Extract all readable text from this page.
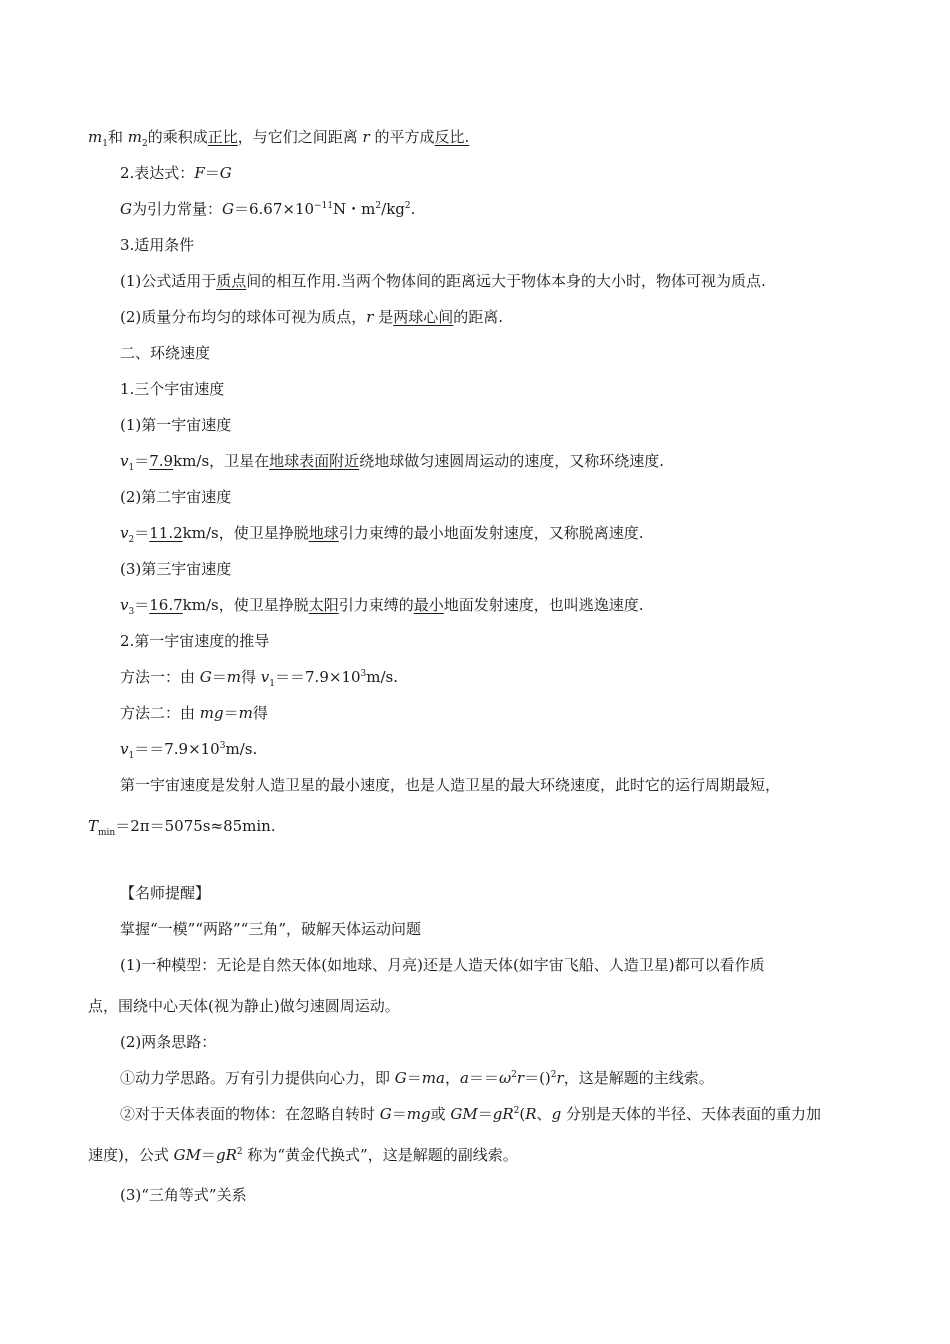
$m_1$和 $m_2$的乘积成正比，与它们之间距离 r 的平方成反比.
2.表达式：F＝G
G为引力常量：$G=6.67\times 10^{-11}N$・$m^2/kg^2$.
3.适用条件
(1)公式适用于质点间的相互作用.当两个物体间的距离远大于物体本身的大小时，物体可视为质点.
(2)质量分布均匀的球体可视为质点，r 是两球心间的距离.
二、环绕速度
1.三个宇宙速度
(1)第一宇宙速度
$v_1=7.9km/s$，卫星在地球表面附近绕地球做匀速圆周运动的速度，又称环绕速度.
(2)第二宇宙速度
$v_2=11.2km/s$，使卫星挣脱地球引力束缚的最小地面发射速度，又称脱离速度.
(3)第三宇宙速度
$v_3=16.7km/s$，使卫星挣脱太阳引力束缚的最小地面发射速度，也叫逃逸速度.
2.第一宇宙速度的推导
方法一：由 G＝m得 $v_1==7.9\times 10^3m/s$.
方法二：由 mg＝m得
$v_1==7.9\times 10^3m/s$.
第一宇宙速度是发射人造卫星的最小速度，也是人造卫星的最大环绕速度，此时它的运行周期最短，
$T_{min}=2\pi=5075s\approx 85\min$.
【名师提醒】
掌握“一模”“两路”“三角”，破解天体运动问题
(1)一种模型：无论是自然天体(如地球、月亮)还是人造天体(如宇宙飞船、人造卫星)都可以看作质
点，围绕中心天体(视为静止)做匀速圆周运动。
(2)两条思路：
①动力学思路。万有引力提供向心力，即 G＝ma，$a==\omega^2r=()^2r$，这是解题的主线索。
②对于天体表面的物体：在忽略自转时 G＝mg或 $GM=gR^2(R$、g 分别是天体的半径、天体表面的重力加
速度)，公式 $GM=gR^2$ 称为“黄金代换式”，这是解题的副线索。
(3)“三角等式”关系
